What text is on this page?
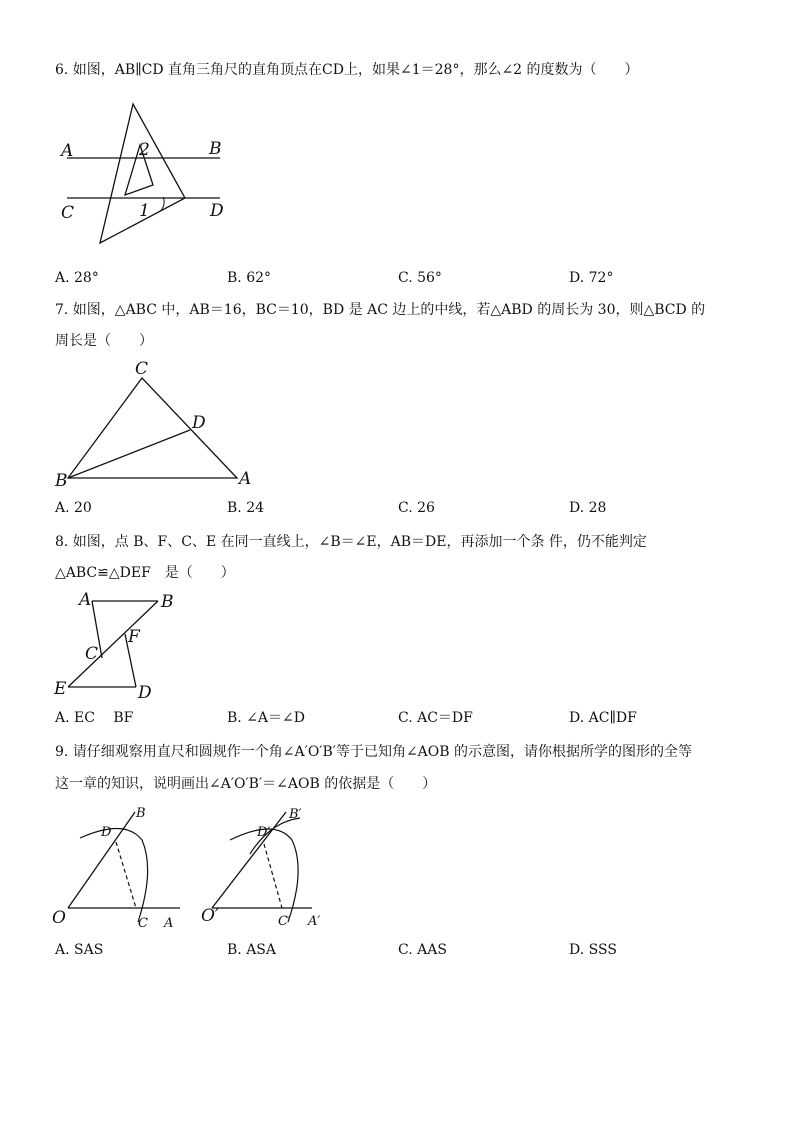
6. 如图，AB∥CD 直角三角尺的直角顶点在CD上，如果∠1＝28°，那么∠2 的度数为（　　）
A	B
C	D
2
1
A. 28°	B. 62°	C. 56°	D. 72°
7. 如图，△ABC 中，AB＝16，BC＝10，BD 是 AC 边上的中线，若△ABD 的周长为 30，则△BCD 的
周长是（　　）
C
D
B	A
A. 20	B. 24	C. 26	D. 28
8. 如图，点 B、F、C、E 在同一直线上，∠B＝∠E，AB＝DE，再添加一个条 件，仍不能判定
△ABC≌△DEF　是（　　）
A	B
F
C
E	D
A. EC　 BF	B. ∠A＝∠D	C. AC＝DF	D. AC∥DF
9. 请仔细观察用直尺和圆规作一个角∠A′O′B′等于已知角∠AOB 的示意图，请你根据所学的图形的全等
这一章的知识，说明画出∠A′O′B′＝∠AOB 的依据是（　　）
O	C A
B
D
O′	C′ A′
B′
D′
A. SAS	B. ASA	C. AAS	D. SSS
